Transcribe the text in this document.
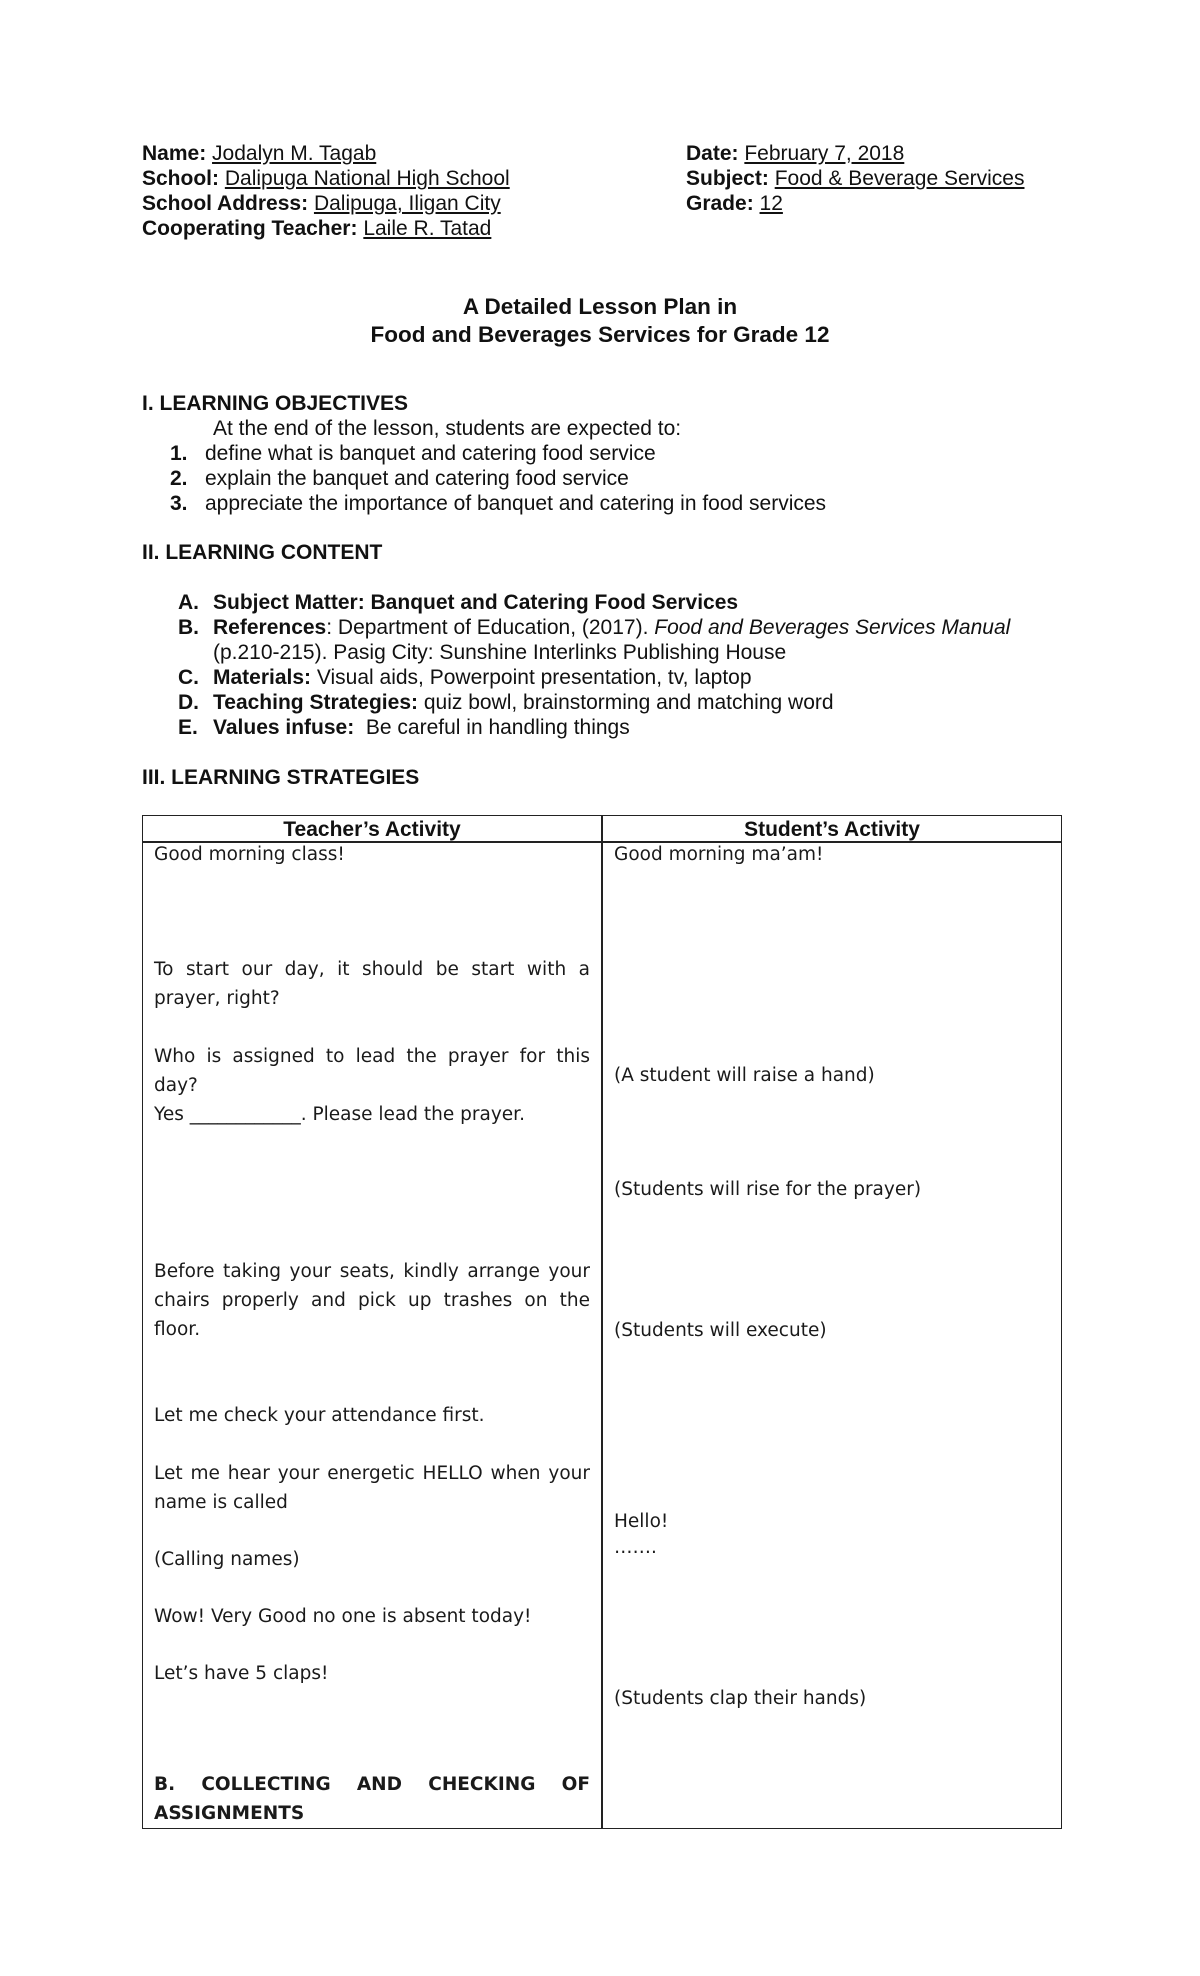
Name: Jodalyn M. Tagab
School: Dalipuga National High School
School Address: Dalipuga, Iligan City
Cooperating Teacher: Laile R. Tatad
Date: February 7, 2018
Subject: Food & Beverage Services
Grade: 12
A Detailed Lesson Plan in
Food and Beverages Services for Grade 12
I. LEARNING OBJECTIVES
At the end of the lesson, students are expected to:
1. define what is banquet and catering food service
2. explain the banquet and catering food service
3. appreciate the importance of banquet and catering in food services
II. LEARNING CONTENT
A. Subject Matter: Banquet and Catering Food Services
B. References: Department of Education, (2017). Food and Beverages Services Manual
(p.210-215). Pasig City: Sunshine Interlinks Publishing House
C. Materials: Visual aids, Powerpoint presentation, tv, laptop
D. Teaching Strategies: quiz bowl, brainstorming and matching word
E. Values infuse:  Be careful in handling things
III. LEARNING STRATEGIES
Teacher’s Activity	Student’s Activity
Good morning class!
To start our day, it should be start with a prayer, right?
Who is assigned to lead the prayer for this day?
Yes ____________. Please lead the prayer.
Before taking your seats, kindly arrange your chairs properly and pick up trashes on the floor.
Let me check your attendance first.
Let me hear your energetic HELLO when your name is called
(Calling names)
Wow! Very Good no one is absent today!
Let’s have 5 claps!
B. COLLECTING AND CHECKING OF ASSIGNMENTS
Good morning ma’am!
(A student will raise a hand)
(Students will rise for the prayer)
(Students will execute)
Hello!
…….
(Students clap their hands)
